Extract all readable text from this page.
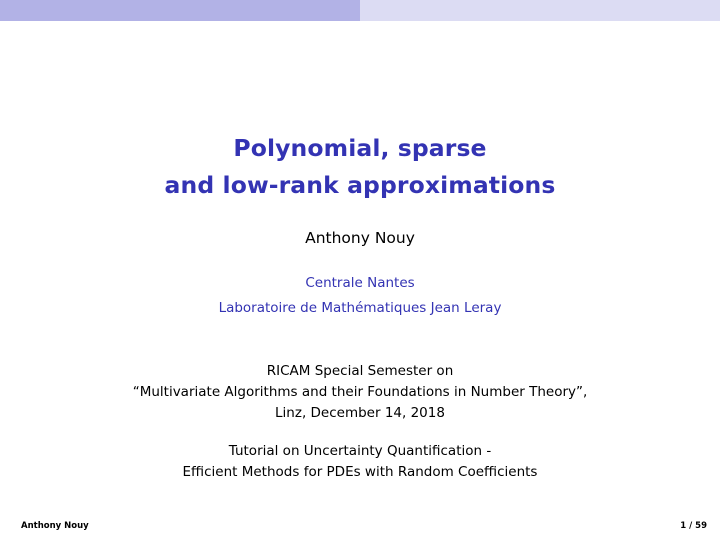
Polynomial, sparse
and low-rank approximations
Anthony Nouy
Centrale Nantes
Laboratoire de Mathématiques Jean Leray
RICAM Special Semester on
“Multivariate Algorithms and their Foundations in Number Theory”,
Linz, December 14, 2018
Tutorial on Uncertainty Quantification -
Efficient Methods for PDEs with Random Coefficients
Anthony Nouy	1 / 59
